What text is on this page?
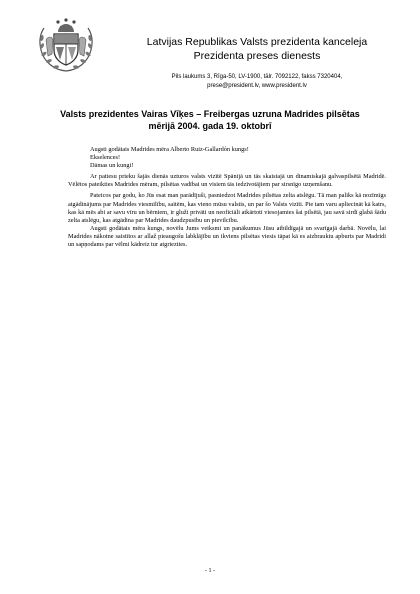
Latvijas Republikas Valsts prezidenta kanceleja
Prezidenta preses dienests
Pils laukums 3, Rīga-50, LV-1900, tālr. 7092122, fakss 7320404,
prese@president.lv, www.president.lv
Valsts prezidentes Vairas Vīķes – Freibergas uzruna Madrides pilsētas
mērijā 2004. gada 19. oktobrī

Augsti godātais Madrides mēra Alberto Ruiz-Gallardón kungs!

Ekselences!

Dāmas un kungi!

Ar patiesu prieku šajās dienās uzturos valsts vizītē Spānijā un tās skaistajā un dinamiskajā galvaspilsētā Madridē. Vēlētos pateikties Madrides mēram, pilsētas vadībai un visiem tās iedzīvotājiem par sirsnīgo uzņemšanu.

Pateicos par godu, ko Jūs esat man parādījuši, pasniedzot Madrides pilsētas zelta atslēgu. Tā man paliks kā nozīmīgs atgādinājums par Madrides viesmīlību, saitēm, kas vieno mūsu valstis, un par šo Valsts vizīti. Pie tam varu apliecināt kā katrs, kas kā mēs abi ar savu vīru un bērniem, ir gluži privāti un neoficiāli atkārtoti viesojamies šai pilsētā, jau savā sirdī glabā šādu zelta atslēgu, kas atgādina par Madrides daudzpusību un pievilcību.

Augsti godātais mēra kungs, novēlu Jums veiksmi un panākumus Jūsu atbildīgajā un svarīgajā darbā. Novēlu, lai Madrides nākotne saistītos ar allaž pieaugošu labklājību un ikviens pilsētas viesis tāpat kā es aizbrauktu apburts par Madridi un sapņodams par vēlmi kādreiz tur atgriezties.

- 1 -
